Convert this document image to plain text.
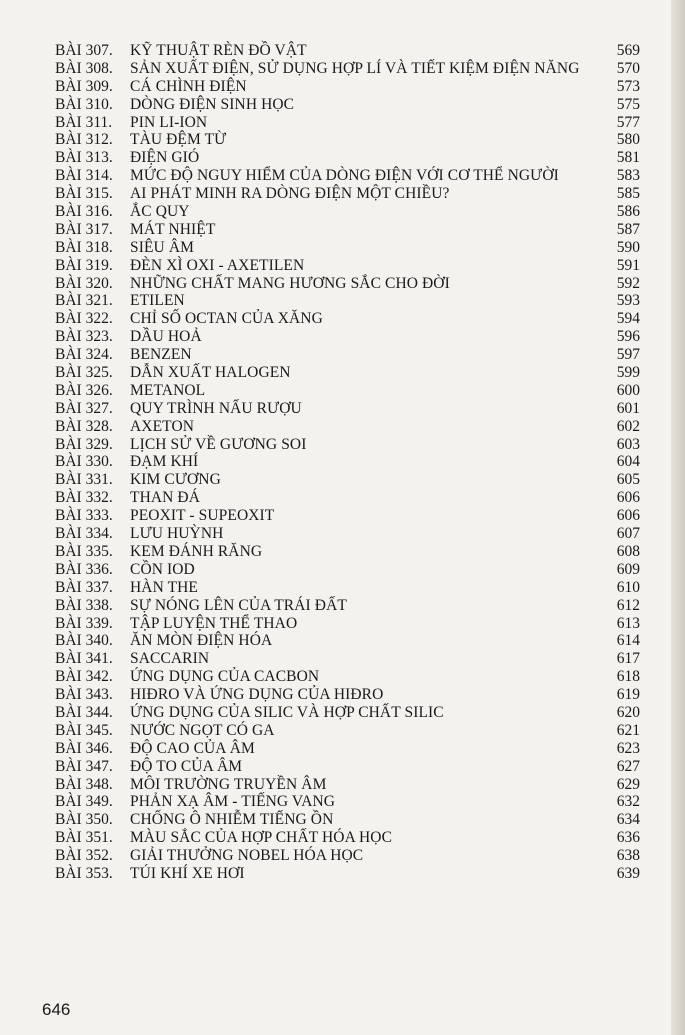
BÀI 307. KỸ THUẬT RÈN ĐỒ VẬT	569
BÀI 308. SẢN XUẤT ĐIỆN, SỬ DỤNG HỢP LÍ VÀ TIẾT KIỆM ĐIỆN NĂNG 570
BÀI 309. CÁ CHÌNH ĐIỆN	573
BÀI 310. DÒNG ĐIỆN SINH HỌC	575
BÀI 311. PIN LI-ION	577
BÀI 312. TÀU ĐỆM TỪ	580
BÀI 313. ĐIỆN GIÓ	581
BÀI 314. MỨC ĐỘ NGUY HIỂM CỦA DÒNG ĐIỆN VỚI CƠ THỂ NGƯỜI	583
BÀI 315. AI PHÁT MINH RA DÒNG ĐIỆN MỘT CHIỀU?	585
BÀI 316. ẮC QUY	586
BÀI 317. MÁT NHIỆT	587
BÀI 318. SIÊU ÂM	590
BÀI 319. ĐÈN XÌ OXI - AXETILEN	591
BÀI 320. NHỮNG CHẤT MANG HƯƠNG SẮC CHO ĐỜI	592
BÀI 321. ETILEN	593
BÀI 322. CHỈ SỐ OCTAN CỦA XĂNG	594
BÀI 323. DẦU HOẢ	596
BÀI 324. BENZEN	597
BÀI 325. DẪN XUẤT HALOGEN	599
BÀI 326. METANOL	600
BÀI 327. QUY TRÌNH NẤU RƯỢU	601
BÀI 328. AXETON	602
BÀI 329. LỊCH SỬ VỀ GƯƠNG SOI	603
BÀI 330. ĐẠM KHÍ	604
BÀI 331. KIM CƯƠNG	605
BÀI 332. THAN ĐÁ	606
BÀI 333. PEOXIT - SUPEOXIT	606
BÀI 334. LƯU HUỲNH	607
BÀI 335. KEM ĐÁNH RĂNG	608
BÀI 336. CỒN IOD	609
BÀI 337. HÀN THE	610
BÀI 338. SỰ NÓNG LÊN CỦA TRÁI ĐẤT	612
BÀI 339. TẬP LUYỆN THỂ THAO	613
BÀI 340. ĂN MÒN ĐIỆN HÓA	614
BÀI 341. SACCARIN	617
BÀI 342. ỨNG DỤNG CỦA CACBON	618
BÀI 343. HIĐRO VÀ ỨNG DỤNG CỦA HIĐRO	619
BÀI 344. ỨNG DỤNG CỦA SILIC VÀ HỢP CHẤT SILIC	620
BÀI 345. NƯỚC NGỌT CÓ GA	621
BÀI 346. ĐỘ CAO CỦA ÂM	623
BÀI 347. ĐỘ TO CỦA ÂM	627
BÀI 348. MÔI TRƯỜNG TRUYỀN ÂM	629
BÀI 349. PHẢN XẠ ÂM - TIẾNG VANG	632
BÀI 350. CHỐNG Ô NHIỄM TIẾNG ỒN	634
BÀI 351. MÀU SẮC CỦA HỢP CHẤT HÓA HỌC	636
BÀI 352. GIẢI THƯỞNG NOBEL HÓA HỌC	638
BÀI 353. TÚI KHÍ XE HƠI	639
646
